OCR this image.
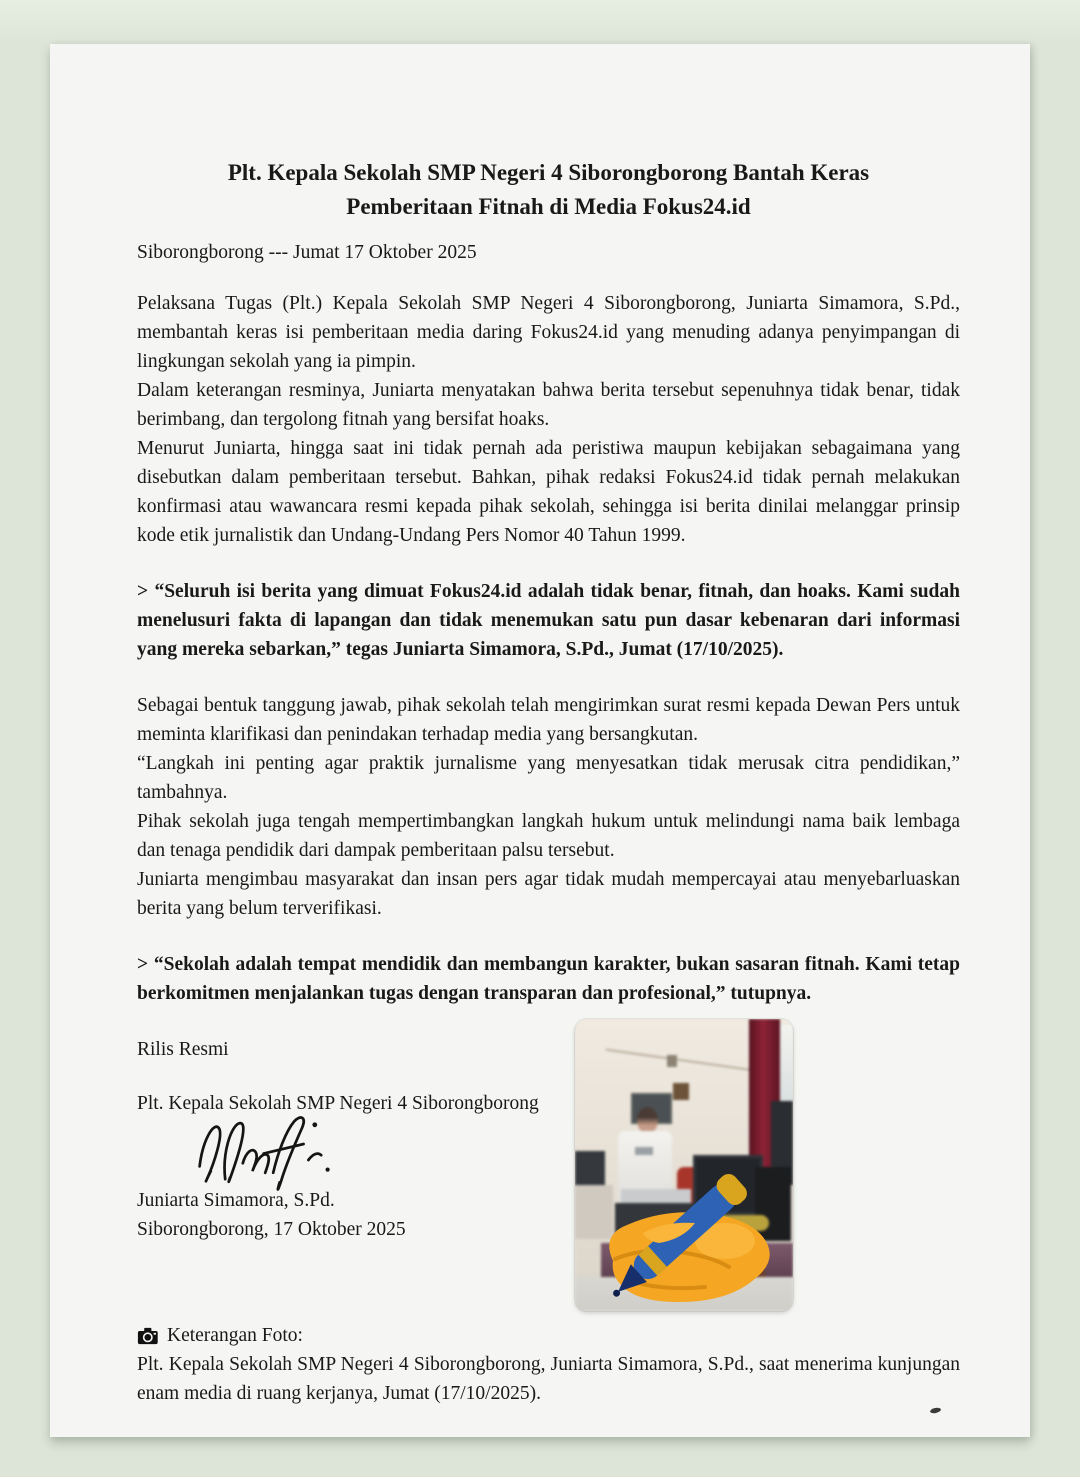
Plt. Kepala Sekolah SMP Negeri 4 Siborongborong Bantah Keras
Pemberitaan Fitnah di Media Fokus24.id

Siborongborong --- Jumat 17 Oktober 2025

Pelaksana Tugas (Plt.) Kepala Sekolah SMP Negeri 4 Siborongborong, Juniarta Simamora, S.Pd., membantah keras isi pemberitaan media daring Fokus24.id yang menuding adanya penyimpangan di lingkungan sekolah yang ia pimpin.

Dalam keterangan resminya, Juniarta menyatakan bahwa berita tersebut sepenuhnya tidak benar, tidak berimbang, dan tergolong fitnah yang bersifat hoaks.

Menurut Juniarta, hingga saat ini tidak pernah ada peristiwa maupun kebijakan sebagaimana yang disebutkan dalam pemberitaan tersebut. Bahkan, pihak redaksi Fokus24.id tidak pernah melakukan konfirmasi atau wawancara resmi kepada pihak sekolah, sehingga isi berita dinilai melanggar prinsip kode etik jurnalistik dan Undang-Undang Pers Nomor 40 Tahun 1999.

> “Seluruh isi berita yang dimuat Fokus24.id adalah tidak benar, fitnah, dan hoaks. Kami sudah menelusuri fakta di lapangan dan tidak menemukan satu pun dasar kebenaran dari informasi yang mereka sebarkan,” tegas Juniarta Simamora, S.Pd., Jumat (17/10/2025).

Sebagai bentuk tanggung jawab, pihak sekolah telah mengirimkan surat resmi kepada Dewan Pers untuk meminta klarifikasi dan penindakan terhadap media yang bersangkutan.

“Langkah ini penting agar praktik jurnalisme yang menyesatkan tidak merusak citra pendidikan,” tambahnya.

Pihak sekolah juga tengah mempertimbangkan langkah hukum untuk melindungi nama baik lembaga dan tenaga pendidik dari dampak pemberitaan palsu tersebut.

Juniarta mengimbau masyarakat dan insan pers agar tidak mudah mempercayai atau menyebarluaskan berita yang belum terverifikasi.

> “Sekolah adalah tempat mendidik dan membangun karakter, bukan sasaran fitnah. Kami tetap berkomitmen menjalankan tugas dengan transparan dan profesional,” tutupnya.

Rilis Resmi

Plt. Kepala Sekolah SMP Negeri 4 Siborongborong

Juniarta Simamora, S.Pd.

Siborongborong, 17 Oktober 2025

Keterangan Foto:

Plt. Kepala Sekolah SMP Negeri 4 Siborongborong, Juniarta Simamora, S.Pd., saat menerima kunjungan enam media di ruang kerjanya, Jumat (17/10/2025).
